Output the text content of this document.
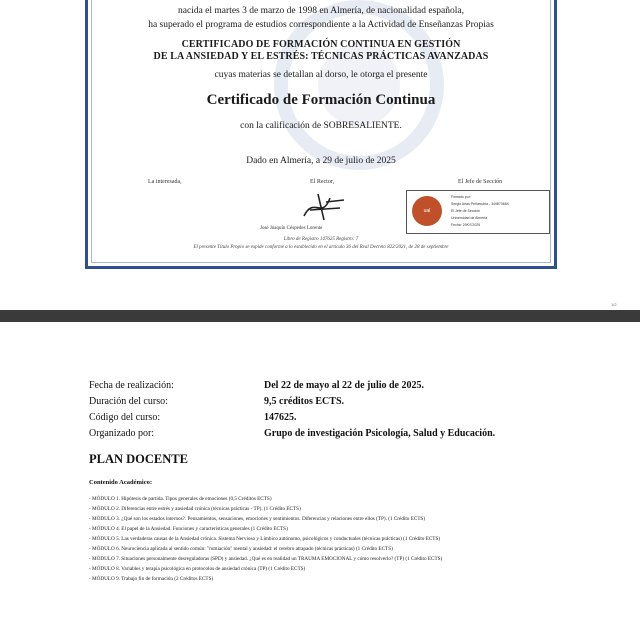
nacida el martes 3 de marzo de 1998 en Almería, de nacionalidad española,
ha superado el programa de estudios correspondiente a la Actividad de Enseñanzas Propias
CERTIFICADO DE FORMACIÓN CONTINUA EN GESTIÓN
DE LA ANSIEDAD Y EL ESTRÉS: TÉCNICAS PRÁCTICAS AVANZADAS
cuyas materias se detallan al dorso, le otorga el presente
Certificado de Formación Continua
con la calificación de SOBRESALIENTE.
Dado en Almería, a 29 de julio de 2025
La interesada,	El Rector,	El Jefe de Sección
José Joaquín Céspedes Lorente
ual
Firmado por:
Sergio Arias Peñarrubia - 34987366X
El Jefe de Sección
Universidad de Almería
Fecha: 29/07/2025
Libro de Registro 147625 Registro: 7
El presente Título Propio se expide conforme a lo establecido en el artículo 36 del Real Decreto 822/2021, de 28 de septiembre
1/2
Fecha de realización:	Del 22 de mayo al 22 de julio de 2025.
Duración del curso:	9,5 créditos ECTS.
Código del curso:	147625.
Organizado por:	Grupo de investigación Psicología, Salud y Educación.
PLAN DOCENTE
Contenido Académico:
- MÓDULO 1. Hipótesis de partida. Tipos generales de emociones (0,5 Créditos ECTS)
- MÓDULO 2. Diferencias entre estrés y ansiedad crónica (técnicas prácticas - TP). (1 Crédito ECTS)
- MÓDULO 3. ¿Qué son los estados internos?. Pensamientos, sensaciones, emociones y sentimientos. Diferencias y relaciones entre ellos (TP). (1 Crédito ECTS)
- MÓDULO 4. El papel de la Ansiedad. Funciones y características generales (1 Crédito ECTS)
- MÓDULO 5. Las verdaderas causas de la Ansiedad crónica. Sistema Nervioso y Límbico autónomo, psicológicos y conductuales (técnicas prácticas) (1 Crédito ECTS)
- MÓDULO 6. Neurociencia aplicada al sentido común: "rumiación" mental y ansiedad: el cerebro atrapado (técnicas prácticas) (1 Crédito ECTS)
- MÓDULO 7. Situaciones personalmente desreguladoras (SPD) y ansiedad. ¿Qué es en realidad un TRAUMA EMOCIONAL y cómo resolverlo? (TP) (1 Crédito ECTS)
- MÓDULO 8. Variables y terapia psicológica en protocolos de ansiedad crónica (TP) (1 Crédito ECTS)
- MÓDULO 9. Trabajo fin de formación (2 Créditos ECTS)
